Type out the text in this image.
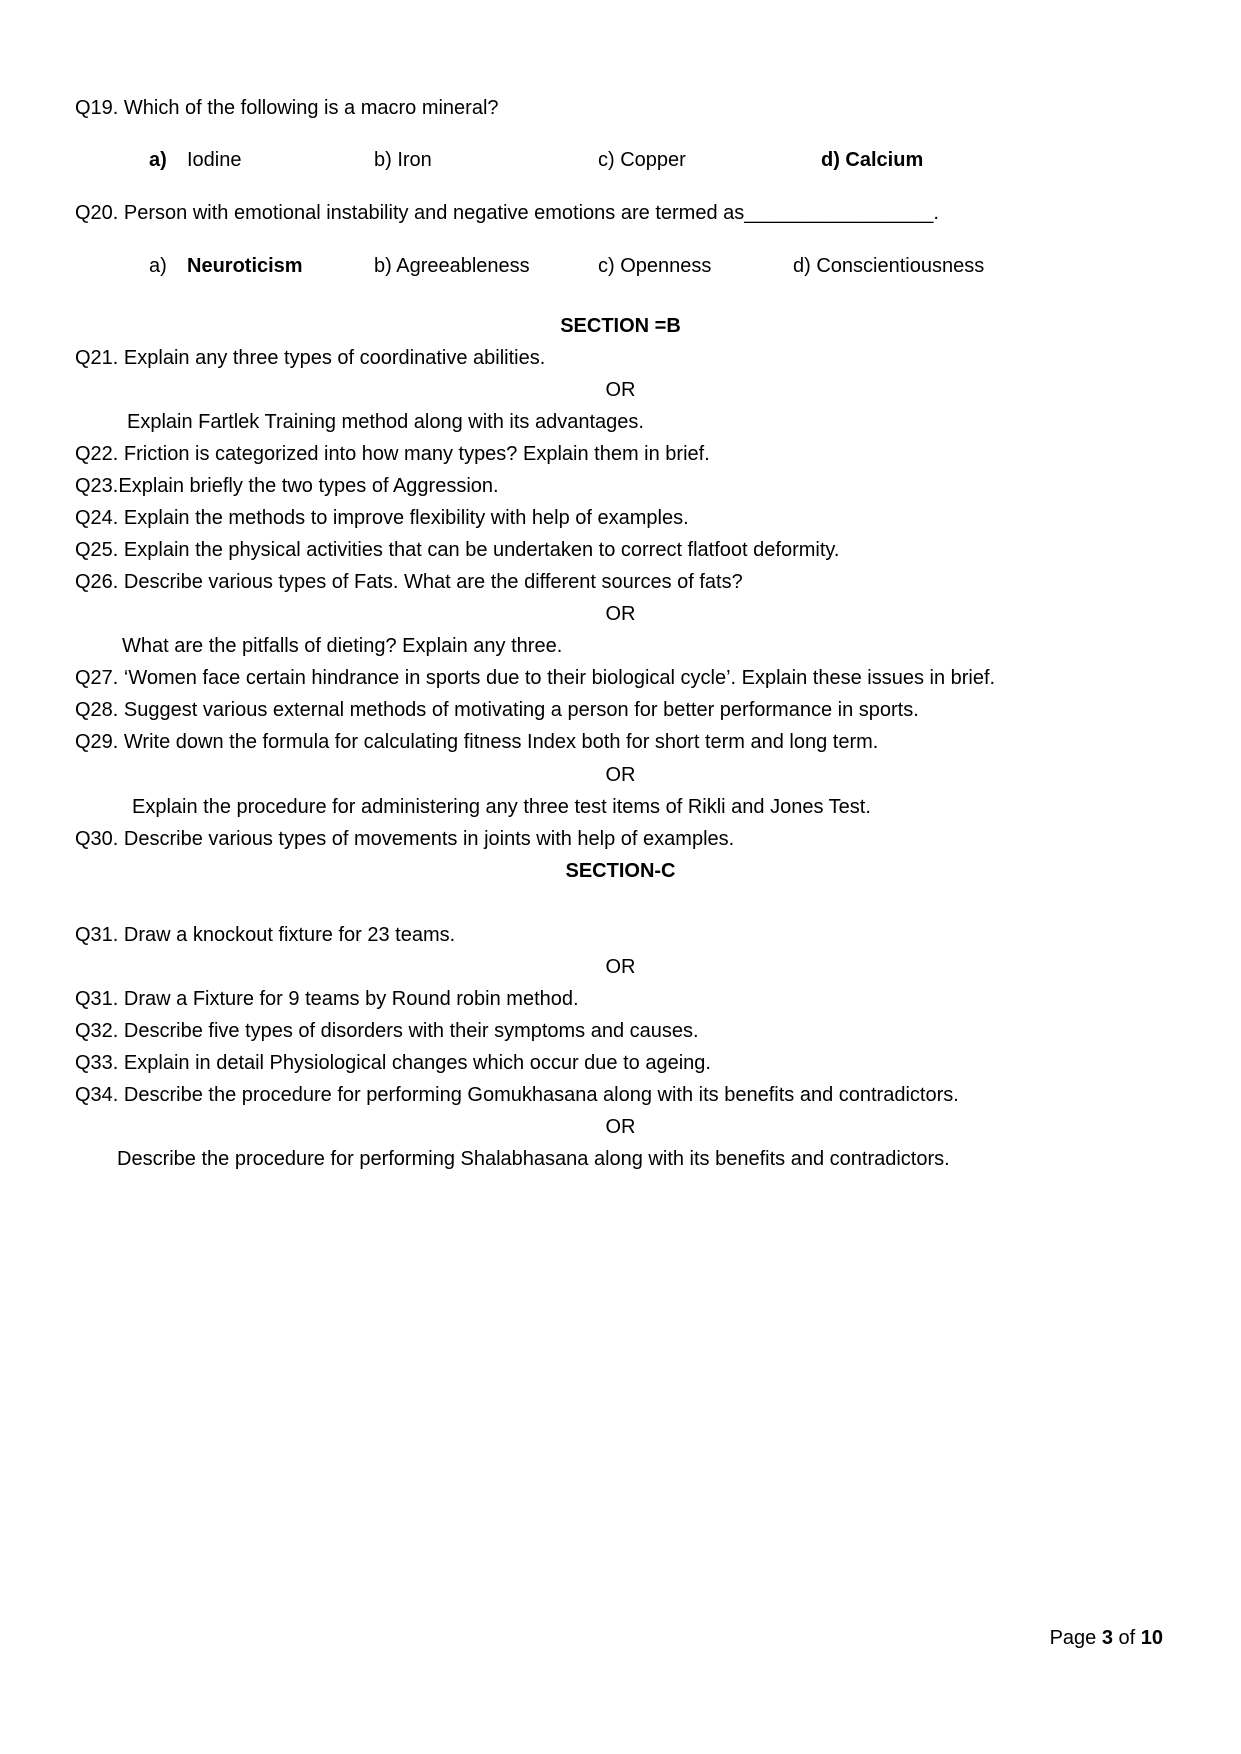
Q19. Which of the following is a macro mineral?
a) Iodine	b) Iron	c) Copper	d) Calcium
Q20. Person with emotional instability and negative emotions are termed as_________________.
a) Neuroticism	b) Agreeableness	c) Openness	d) Conscientiousness
SECTION =B
Q21. Explain any three types of coordinative abilities.
OR
Explain Fartlek Training method along with its advantages.
Q22. Friction is categorized into how many types? Explain them in brief.
Q23.Explain briefly the two types of Aggression.
Q24. Explain the methods to improve flexibility with help of examples.
Q25. Explain the physical activities that can be undertaken to correct flatfoot deformity.
Q26. Describe various types of Fats. What are the different sources of fats?
OR
What are the pitfalls of dieting? Explain any three.
Q27. ‘Women face certain hindrance in sports due to their biological cycle’. Explain these issues in brief.
Q28. Suggest various external methods of motivating a person for better performance in sports.
Q29. Write down the formula for calculating fitness Index both for short term and long term.
OR
Explain the procedure for administering any three test items of Rikli and Jones Test.
Q30. Describe various types of movements in joints with help of examples.
SECTION-C
Q31. Draw a knockout fixture for 23 teams.
OR
Q31. Draw a Fixture for 9 teams by Round robin method.
Q32. Describe five types of disorders with their symptoms and causes.
Q33. Explain in detail Physiological changes which occur due to ageing.
Q34. Describe the procedure for performing Gomukhasana along with its benefits and contradictors.
OR
Describe the procedure for performing Shalabhasana along with its benefits and contradictors.
Page 3 of 10
